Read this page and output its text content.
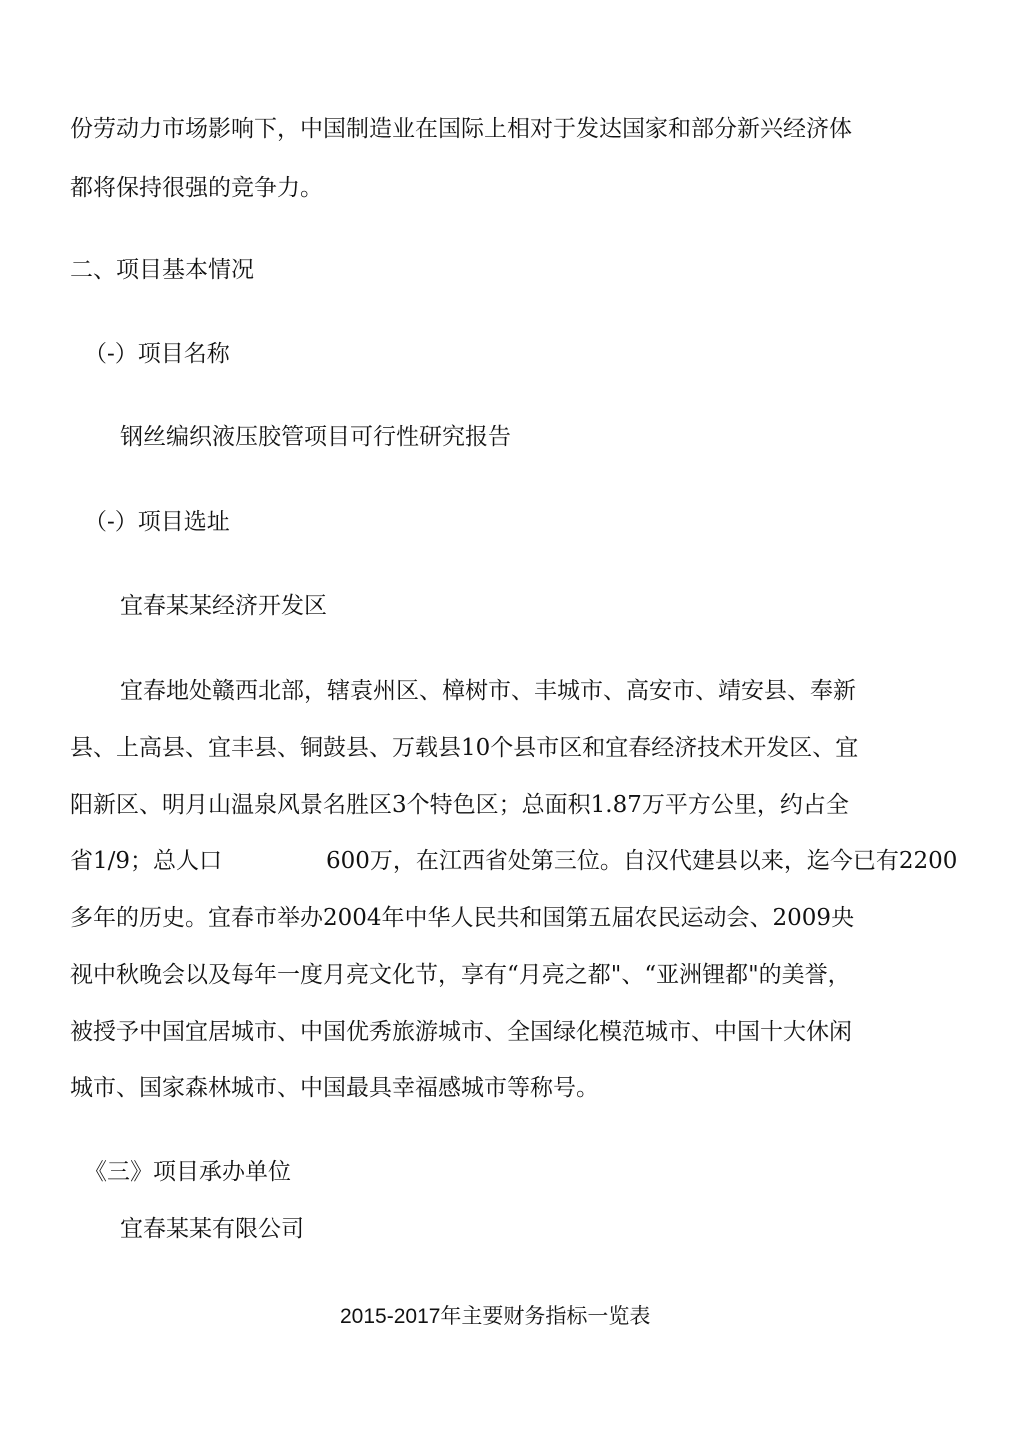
份劳动力市场影响下，中国制造业在国际上相对于发达国家和部分新兴经济体

都将保持很强的竞争力。

二、项目基本情况

（-）项目名称

钢丝编织液压胶管项目可行性研究报告

（-）项目选址

宜春某某经济开发区

宜春地处赣西北部，辖袁州区、樟树市、丰城市、高安市、靖安县、奉新

县、上高县、宜丰县、铜鼓县、万载县10个县市区和宜春经济技术开发区、宜

阳新区、明月山温泉风景名胜区3个特色区；总面积1.87万平方公里，约占全

省1/9；总人口	600万，在江西省处第三位。自汉代建县以来，迄今已有2200

多年的历史。宜春市举办2004年中华人民共和国第五届农民运动会、2009央

视中秋晚会以及每年一度月亮文化节，享有“月亮之都"、“亚洲锂都"的美誉，

被授予中国宜居城市、中国优秀旅游城市、全国绿化模范城市、中国十大休闲

城市、国家森林城市、中国最具幸福感城市等称号。

《三》项目承办单位

宜春某某有限公司

2015-2017年主要财务指标一览表
